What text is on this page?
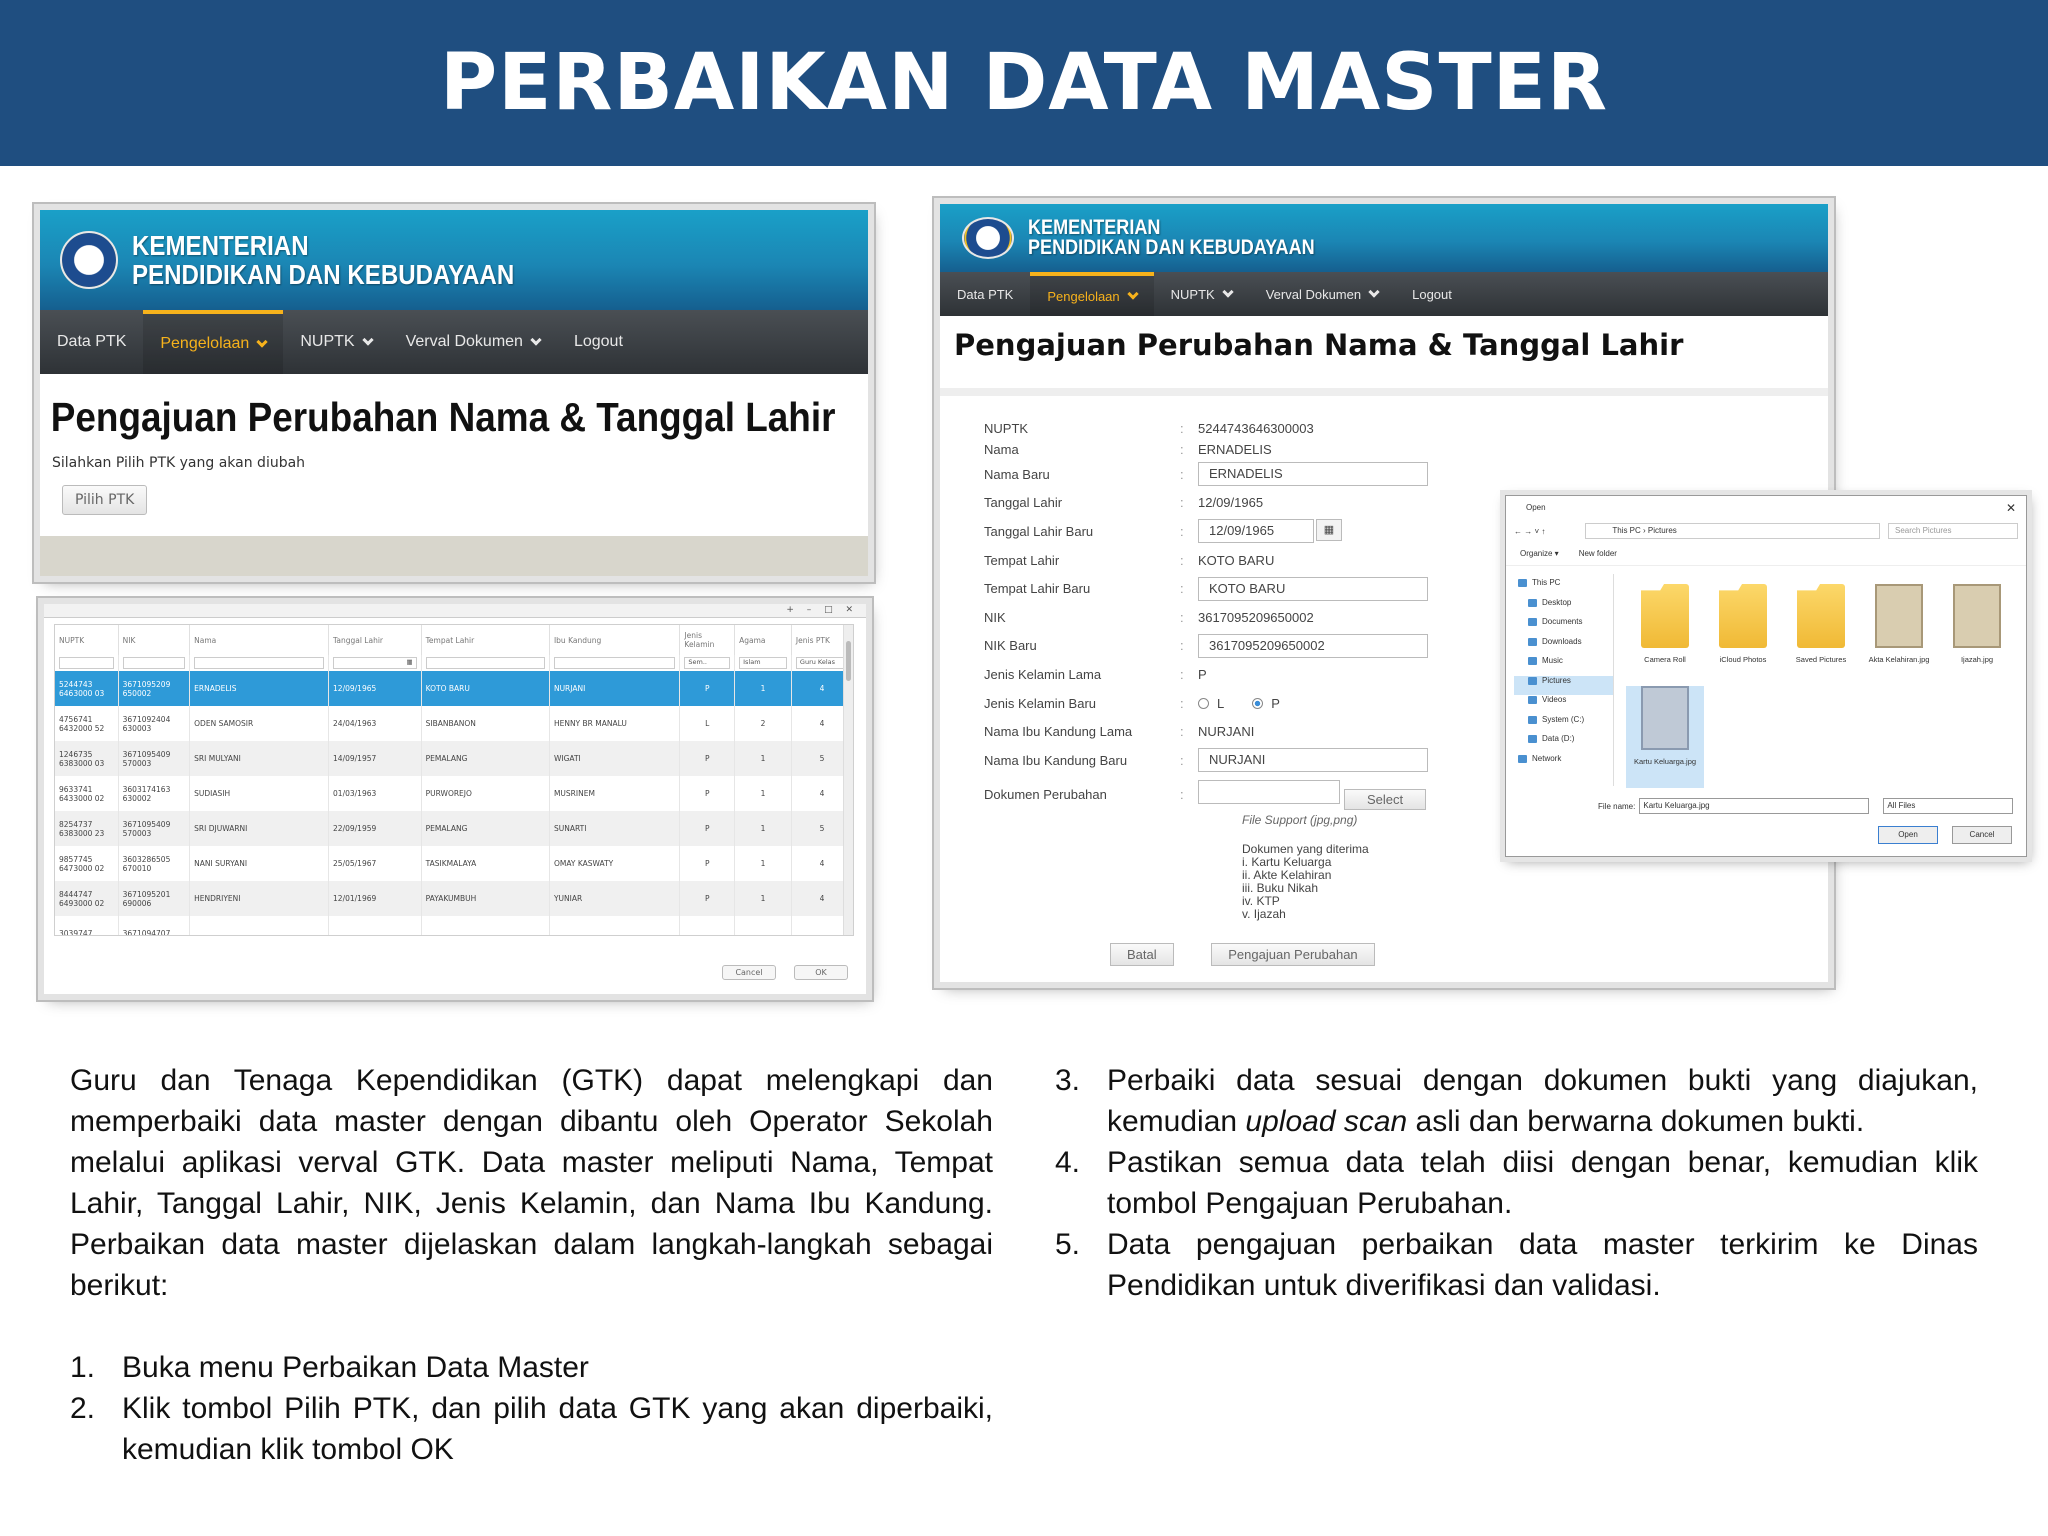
PERBAIKAN DATA MASTER
KEMENTERIAN
PENDIDIKAN DAN KEBUDAYAAN
Data PTK Pengelolaan	NUPTK	Verval Dokumen	Logout
Pengajuan Perubahan Nama & Tanggal Lahir
Silahkan Pilih PTK yang akan diubah
Pilih PTK
+ – □ ✕
NUPTK	NIK	Nama	Tanggal Lahir	Tempat Lahir	Ibu Kandung	Jenis Kelamin	Agama	Jenis PTK

			▦			Sem..	Islam	Guru Kelas

5244743 6463000 03	3671095209 650002	ERNADELIS	12/09/1965	KOTO BARU	NURJANI	P	1	4
4756741 6432000 52	3671092404 630003	ODEN SAMOSIR	24/04/1963	SIBANBANON	HENNY BR MANALU	L	2	4
1246735 6383000 03	3671095409 570003	SRI MULYANI	14/09/1957	PEMALANG	WIGATI	P	1	5
9633741 6433000 02	3603174163 630002	SUDIASIH	01/03/1963	PURWOREJO	MUSRINEM	P	1	4
8254737 6383000 23	3671095409 570003	SRI DJUWARNI	22/09/1959	PEMALANG	SUNARTI	P	1	5
9857745 6473000 02	3603286505 670010	NANI SURYANI	25/05/1967	TASIKMALAYA	OMAY KASWATY	P	1	4
8444747 6493000 02	3671095201 690006	HENDRIYENI	12/01/1969	PAYAKUMBUH	YUNIAR	P	1	4
3039747	3671094707							
Cancel	OK
KEMENTERIAN
PENDIDIKAN DAN KEBUDAYAAN
Data PTK	Pengelolaan	NUPTK	Verval Dokumen	Logout
Pengajuan Perubahan Nama & Tanggal Lahir
NUPTK	:	5244743646300003
Nama	:	ERNADELIS
Nama Baru	:	ERNADELIS
Tanggal Lahir	:	12/09/1965
Tanggal Lahir Baru	:	12/09/1965	▦
Tempat Lahir	:	KOTO BARU
Tempat Lahir Baru	:	KOTO BARU
NIK	:	3617095209650002
NIK Baru	:	3617095209650002
Jenis Kelamin Lama	:	P
Jenis Kelamin Baru	:	L	P
Nama Ibu Kandung Lama	:	NURJANI
Nama Ibu Kandung Baru	:	NURJANI
Dokumen Perubahan	:	Select
File Support (jpg,png)
Dokumen yang diterima
i. Kartu Keluarga
ii. Akte Kelahiran
iii. Buku Nikah
iv. KTP
v. Ijazah
Batal	Pengajuan Perubahan
Open	✕
← → ˅ ↑	This PC › Pictures	Search Pictures
Organize ▾	New folder
This PC
Desktop
Documents
Downloads
Music
Pictures
Videos
System (C:)
Data (D:)
Network
Camera Roll	iCloud Photos	Saved Pictures	Akta Kelahiran.jpg	Ijazah.jpg
Kartu Keluarga.jpg
File name:	Kartu Keluarga.jpg	All Files
Open	Cancel
Guru dan Tenaga Kependidikan (GTK) dapat melengkapi dan memperbaiki data master dengan dibantu oleh Operator Sekolah melalui aplikasi verval GTK. Data master meliputi Nama, Tempat Lahir, Tanggal Lahir, NIK, Jenis Kelamin, dan Nama Ibu Kandung. Perbaikan data master dijelaskan dalam langkah-langkah sebagai berikut:
1. Buka menu Perbaikan Data Master
2. Klik tombol Pilih PTK, dan pilih data GTK yang akan diperbaiki, kemudian klik tombol OK
3. Perbaiki data sesuai dengan dokumen bukti yang diajukan, kemudian upload scan asli dan berwarna dokumen bukti.
4. Pastikan semua data telah diisi dengan benar, kemudian klik tombol Pengajuan Perubahan.
5. Data pengajuan perbaikan data master terkirim ke Dinas Pendidikan untuk diverifikasi dan validasi.
